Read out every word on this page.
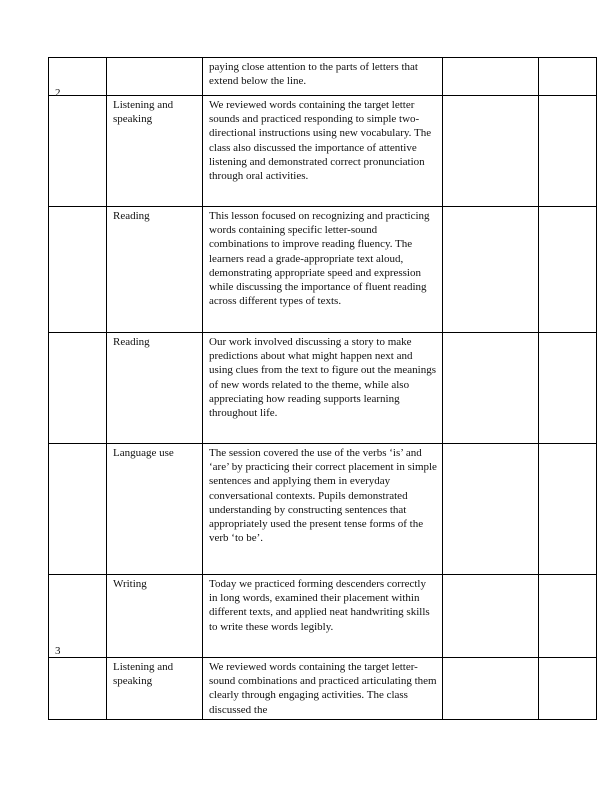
		paying close attention to the parts of letters that extend below the line.		

2	Listening and speaking	We reviewed words containing the target letter sounds and practiced responding to simple two-directional instructions using new vocabulary. The class also discussed the importance of attentive listening and demonstrated correct pronunciation through oral activities.		

	Reading	This lesson focused on recognizing and practicing words containing specific letter-sound combinations to improve reading fluency. The learners read a grade-appropriate text aloud, demonstrating appropriate speed and expression while discussing the importance of fluent reading across different types of texts.		

	Reading	Our work involved discussing a story to make predictions about what might happen next and using clues from the text to figure out the meanings of new words related to the theme, while also appreciating how reading supports learning throughout life.		

	Language use	The session covered the use of the verbs ‘is’ and ‘are’ by practicing their correct placement in simple sentences and applying them in everyday conversational contexts. Pupils demonstrated understanding by constructing sentences that appropriately used the present tense forms of the verb ‘to be’.		

	Writing	Today we practiced forming descenders correctly in long words, examined their placement within different texts, and applied neat handwriting skills to write these words legibly.		

3	Listening and speaking	We reviewed words containing the target letter-sound combinations and practiced articulating them clearly through engaging activities. The class discussed the		
